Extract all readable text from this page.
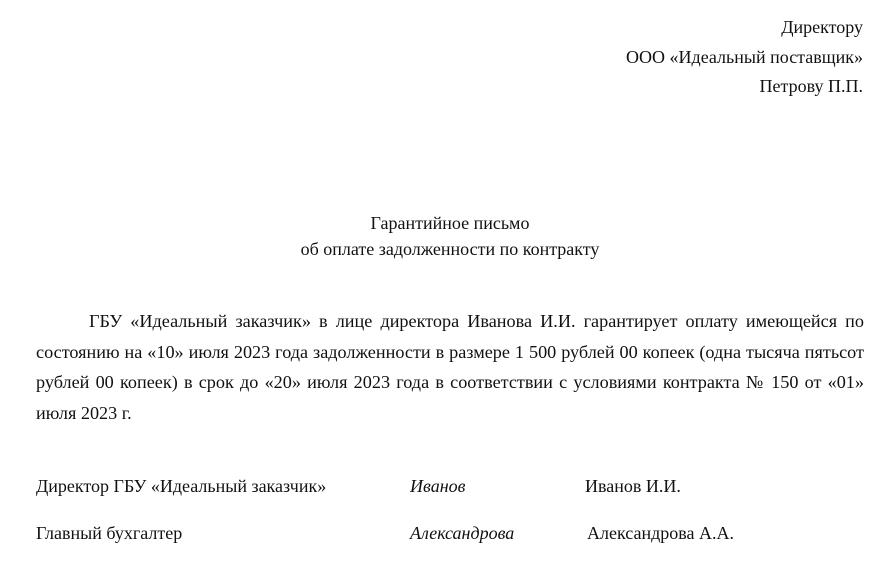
Директору
ООО «Идеальный поставщик»
Петрову П.П.
Гарантийное письмо
об оплате задолженности по контракту
ГБУ «Идеальный заказчик» в лице директора Иванова И.И. гарантирует оплату имеющейся по состоянию на «10» июля 2023 года задолженности в размере 1 500 рублей 00 копеек (одна тысяча пятьсот рублей 00 копеек) в срок до «20» июля 2023 года в соответствии с условиями контракта № 150 от «01» июля 2023 г.
Директор ГБУ «Идеальный заказчик»	Иванов	Иванов И.И.
Главный бухгалтер	Александрова	Александрова А.А.
